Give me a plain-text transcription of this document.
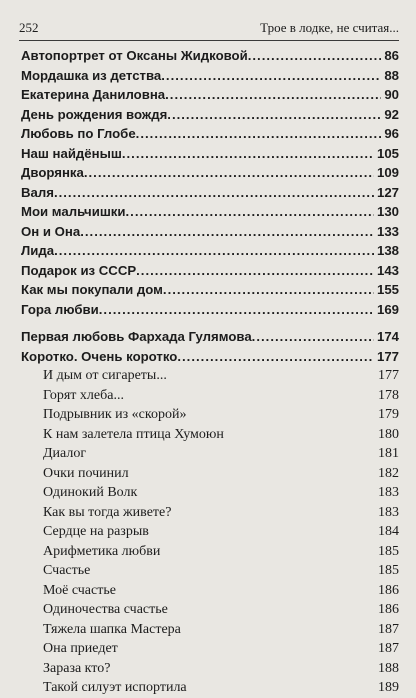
252	Трое в лодке, не считая...
Автопортрет от Оксаны Жидковой .....	86
Мордашка из детства .....	88
Екатерина Даниловна .....	90
День рождения вождя .....	92
Любовь по Глобе .....	96
Наш найдёныш .....	105
Дворянка .....	109
Валя .....	127
Мои мальчишки .....	130
Он и Она .....	133
Лида .....	138
Подарок из СССР .....	143
Как мы покупали дом .....	155
Гора любви .....	169
Первая любовь Фархада Гулямова .....	174
Коротко. Очень коротко .....	177
И дым от сигареты...	177
Горят хлеба...	178
Подрывник из «скорой»	179
К нам залетела птица Хумоюн	180
Диалог	181
Очки починил	182
Одинокий Волк	183
Как вы тогда живете?	183
Сердце на разрыв	184
Арифметика любви	185
Счастье	185
Моё счастье	186
Одиночества счастье	186
Тяжела шапка Мастера	187
Она приедет	187
Зараза кто?	188
Такой силуэт испортила	189
